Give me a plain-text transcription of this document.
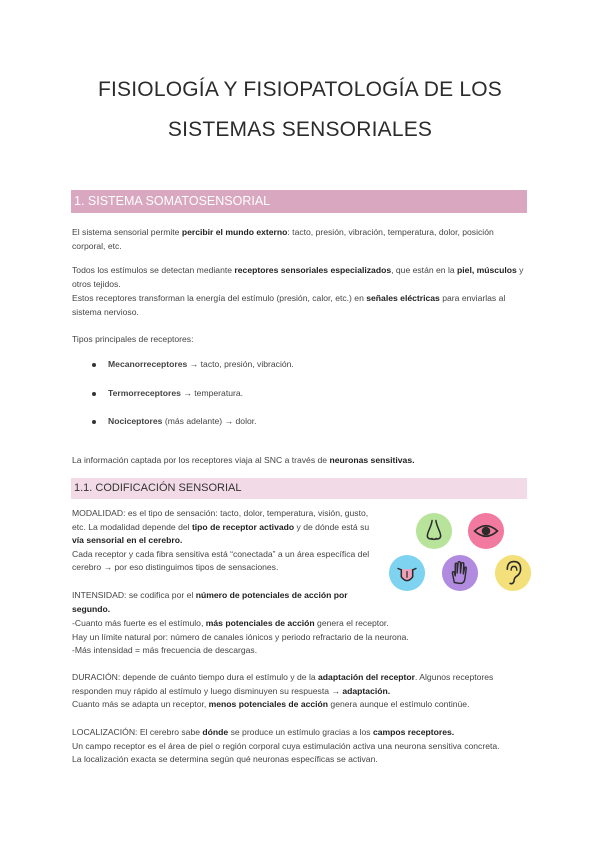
FISIOLOGÍA Y FISIOPATOLOGÍA DE LOS
SISTEMAS SENSORIALES
1. SISTEMA SOMATOSENSORIAL

El sistema sensorial permite percibir el mundo externo: tacto, presión, vibración, temperatura, dolor, posición corporal, etc.

Todos los estímulos se detectan mediante receptores sensoriales especializados, que están en la piel, músculos y otros tejidos.

Estos receptores transforman la energía del estímulo (presión, calor, etc.) en señales eléctricas para enviarlas al sistema nervioso.

Tipos principales de receptores:

Mecanorreceptores → tacto, presión, vibración.
Termorreceptores → temperatura.
Nociceptores (más adelante) → dolor.

La información captada por los receptores viaja al SNC a través de neuronas sensitivas.

1.1. CODIFICACIÓN SENSORIAL

MODALIDAD: es el tipo de sensación: tacto, dolor, temperatura, visión, gusto, etc. La modalidad depende del tipo de receptor activado y de dónde está su vía sensorial en el cerebro.
Cada receptor y cada fibra sensitiva está “conectada” a un área específica del cerebro → por eso distinguimos tipos de sensaciones.

INTENSIDAD: se codifica por el número de potenciales de acción por segundo.

-Cuanto más fuerte es el estímulo, más potenciales de acción genera el receptor.
Hay un límite natural por: número de canales iónicos y periodo refractario de la neurona.
-Más intensidad = más frecuencia de descargas.

DURACIÓN: depende de cuánto tiempo dura el estímulo y de la adaptación del receptor. Algunos receptores responden muy rápido al estímulo y luego disminuyen su respuesta → adaptación.
Cuanto más se adapta un receptor, menos potenciales de acción genera aunque el estímulo continúe.

LOCALIZACIÓN: El cerebro sabe dónde se produce un estímulo gracias a los campos receptores.
Un campo receptor es el área de piel o región corporal cuya estimulación activa una neurona sensitiva concreta.
La localización exacta se determina según qué neuronas específicas se activan.
